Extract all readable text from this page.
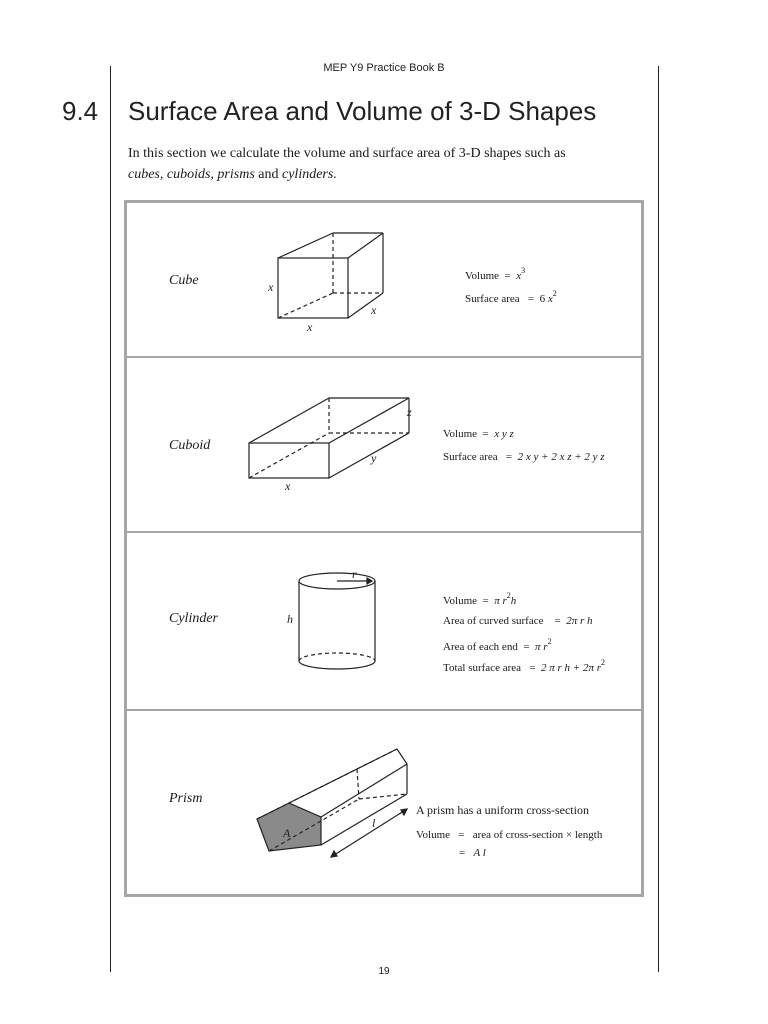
MEP Y9 Practice Book B
9.4 Surface Area and Volume of 3-D Shapes
In this section we calculate the volume and surface area of 3-D shapes such as
cubes, cuboids, prisms and cylinders.
Cube	x
x
x
Volume = $x^3$
Surface area = 6 $x^2$
Cuboid
z
y
x
Volume = x y z
Surface area = 2 x y + 2 x z + 2 y z
Cylinder	h
r
Volume = π $r^2h$
Area of curved surface = 2π r h
Area of each end = π $r^2$
Total surface area = 2 π r h + 2π $r^2$
Prism
A
l
A prism has a uniform cross-section
Volume = area of cross-section × length
= A l
19
